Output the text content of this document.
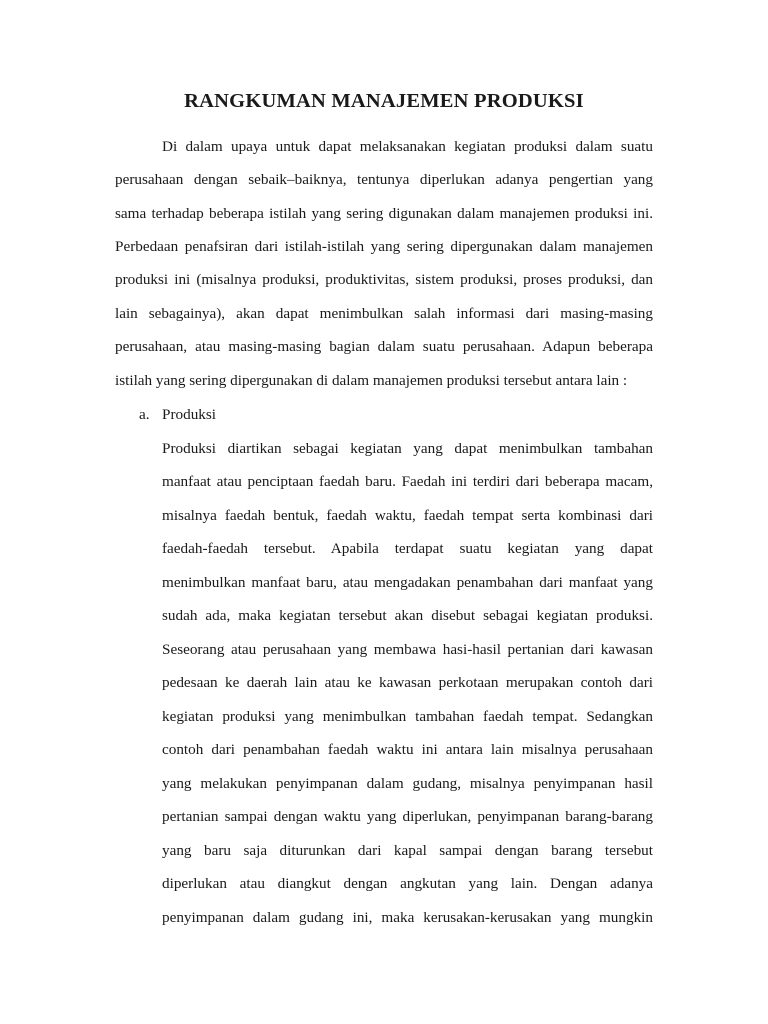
RANGKUMAN MANAJEMEN PRODUKSI

Di dalam upaya untuk dapat melaksanakan kegiatan produksi dalam suatu

perusahaan dengan sebaik–baiknya, tentunya diperlukan adanya pengertian yang

sama terhadap beberapa istilah yang sering digunakan dalam manajemen produksi ini.

Perbedaan penafsiran dari istilah-istilah yang sering dipergunakan dalam manajemen

produksi ini (misalnya produksi, produktivitas, sistem produksi, proses produksi, dan

lain sebagainya), akan dapat menimbulkan salah informasi dari masing-masing

perusahaan, atau masing-masing bagian dalam suatu perusahaan. Adapun beberapa

istilah yang sering dipergunakan di dalam manajemen produksi tersebut antara lain :

a. Produksi

Produksi diartikan sebagai kegiatan yang dapat menimbulkan tambahan

manfaat atau penciptaan faedah baru. Faedah ini terdiri dari beberapa macam,

misalnya faedah bentuk, faedah waktu, faedah tempat serta kombinasi dari

faedah-faedah tersebut. Apabila terdapat suatu kegiatan yang dapat

menimbulkan manfaat baru, atau mengadakan penambahan dari manfaat yang

sudah ada, maka kegiatan tersebut akan disebut sebagai kegiatan produksi.

Seseorang atau perusahaan yang membawa hasi-hasil pertanian dari kawasan

pedesaan ke daerah lain atau ke kawasan perkotaan merupakan contoh dari

kegiatan produksi yang menimbulkan tambahan faedah tempat. Sedangkan

contoh dari penambahan faedah waktu ini antara lain misalnya perusahaan

yang melakukan penyimpanan dalam gudang, misalnya penyimpanan hasil

pertanian sampai dengan waktu yang diperlukan, penyimpanan barang-barang

yang baru saja diturunkan dari kapal sampai dengan barang tersebut

diperlukan atau diangkut dengan angkutan yang lain. Dengan adanya

penyimpanan dalam gudang ini, maka kerusakan-kerusakan yang mungkin
